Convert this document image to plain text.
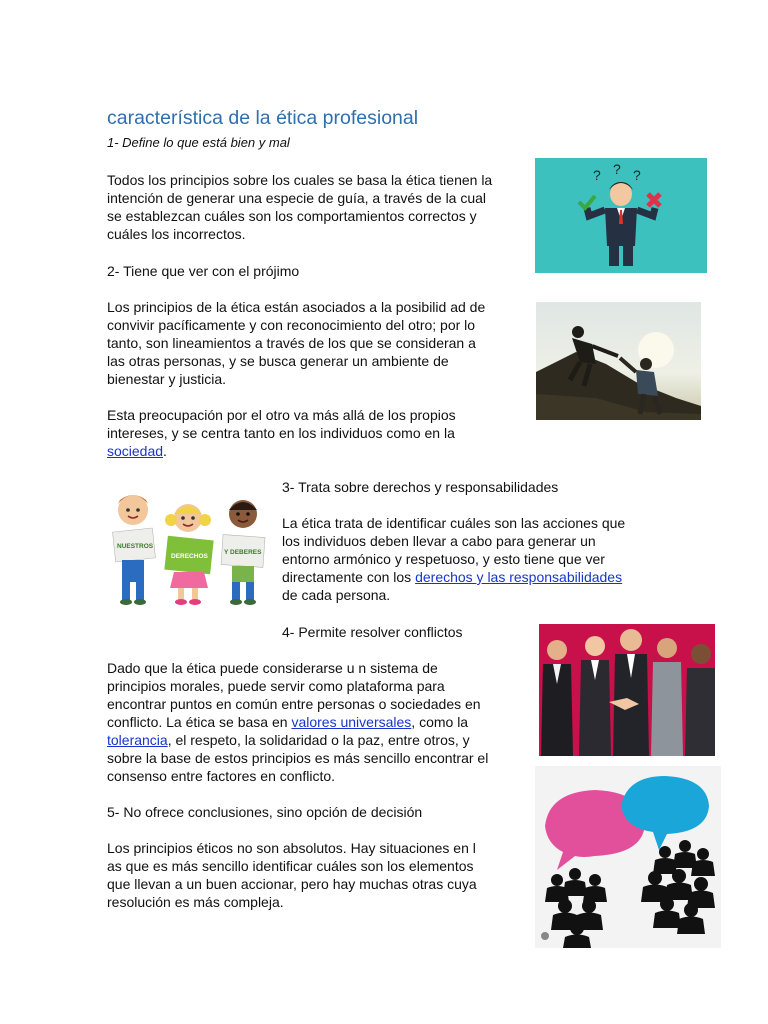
característica de la ética profesional
1- Define lo que está bien y mal
Todos los principios sobre los cuales se basa la ética tienen la
intención de generar una especie de guía, a través de la cual
se establezcan cuáles son los comportamientos correctos y
cuáles los incorrectos.
? ? ?
2- Tiene que ver con el prójimo
Los principios de la ética están asociados a la posibilid ad de
convivir pacíficamente y con reconocimiento del otro; por lo
tanto, son lineamientos a través de los que se consideran a
las otras personas, y se busca generar un ambiente de
bienestar y justicia.
Esta preocupación por el otro va más allá de los propios
intereses, y se centra tanto en los individuos como en la
sociedad.
NUESTROS
DERECHOS
Y DEBERES
3- Trata sobre derechos y responsabilidades
La ética trata de identificar cuáles son las acciones que
los individuos deben llevar a cabo para generar un
entorno armónico y respetuoso, y esto tiene que ver
directamente con los derechos y las responsabilidades
de cada persona.
4- Permite resolver conflictos
Dado que la ética puede considerarse u n sistema de
principios morales, puede servir como plataforma para
encontrar puntos en común entre personas o sociedades en
conflicto. La ética se basa en valores universales, como la
tolerancia, el respeto, la solidaridad o la paz, entre otros, y
sobre la base de estos principios es más sencillo encontrar el
consenso entre factores en conflicto.
5- No ofrece conclusiones, sino opción de decisión
Los principios éticos no son absolutos. Hay situaciones en l
as que es más sencillo identificar cuáles son los elementos
que llevan a un buen accionar, pero hay muchas otras cuya
resolución es más compleja.
